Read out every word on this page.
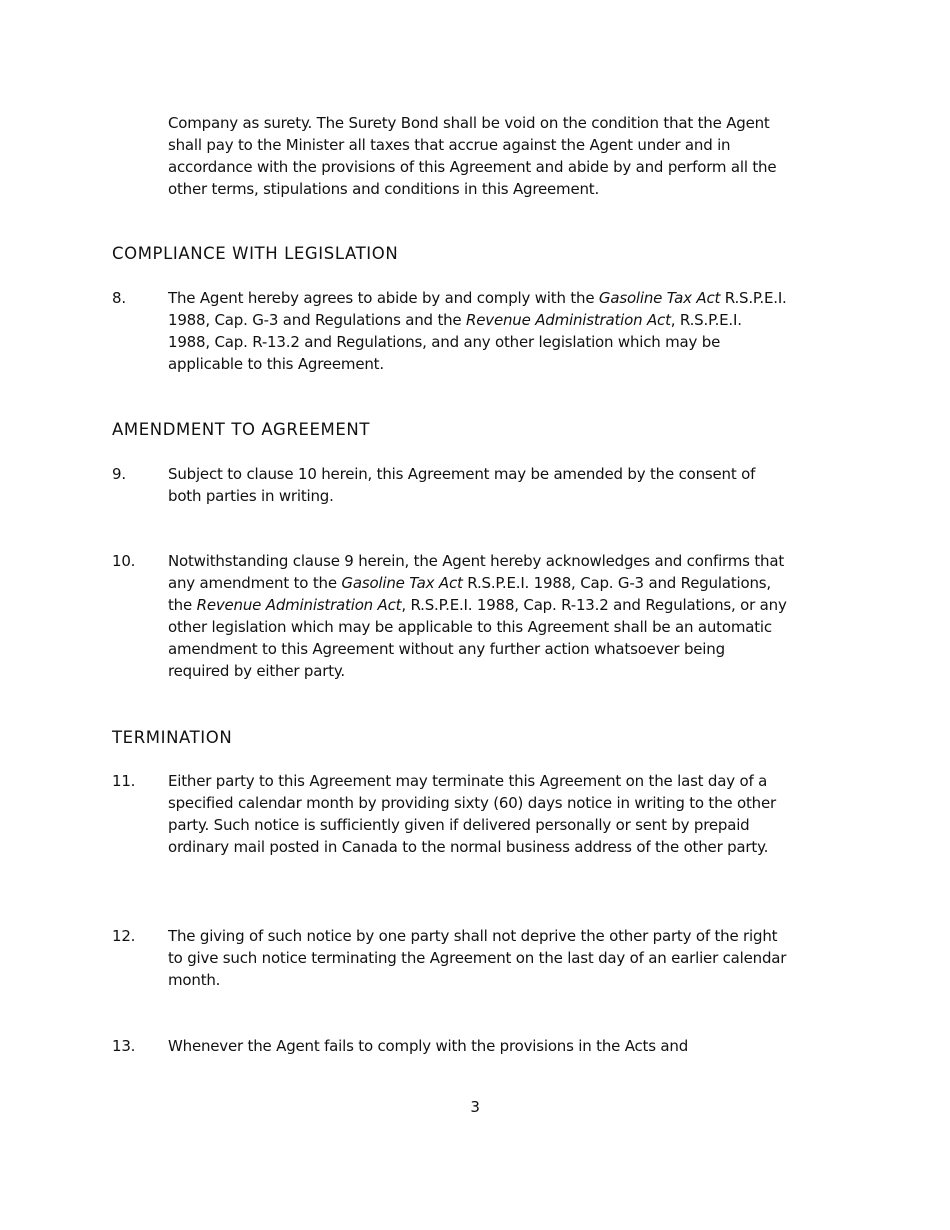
Company as surety. The Surety Bond shall be void on the condition that the Agent shall pay to the Minister all taxes that accrue against the Agent under and in accordance with the provisions of this Agreement and abide by and perform all the other terms, stipulations and conditions in this Agreement.
COMPLIANCE WITH LEGISLATION
8.	The Agent hereby agrees to abide by and comply with the Gasoline Tax Act R.S.P.E.I. 1988, Cap. G-3 and Regulations and the Revenue Administration Act, R.S.P.E.I. 1988, Cap. R-13.2 and Regulations, and any other legislation which may be applicable to this Agreement.
AMENDMENT TO AGREEMENT
9.	Subject to clause 10 herein, this Agreement may be amended by the consent of both parties in writing.
10.	Notwithstanding clause 9 herein, the Agent hereby acknowledges and confirms that any amendment to the Gasoline Tax Act R.S.P.E.I. 1988, Cap. G-3 and Regulations, the Revenue Administration Act, R.S.P.E.I. 1988, Cap. R-13.2 and Regulations, or any other legislation which may be applicable to this Agreement shall be an automatic amendment to this Agreement without any further action whatsoever being required by either party.
TERMINATION
11.	Either party to this Agreement may terminate this Agreement on the last day of a specified calendar month by providing sixty (60) days notice in writing to the other party. Such notice is sufficiently given if delivered personally or sent by prepaid ordinary mail posted in Canada to the normal business address of the other party.
12.	The giving of such notice by one party shall not deprive the other party of the right to give such notice terminating the Agreement on the last day of an earlier calendar month.
13.	Whenever the Agent fails to comply with the provisions in the Acts and
3
